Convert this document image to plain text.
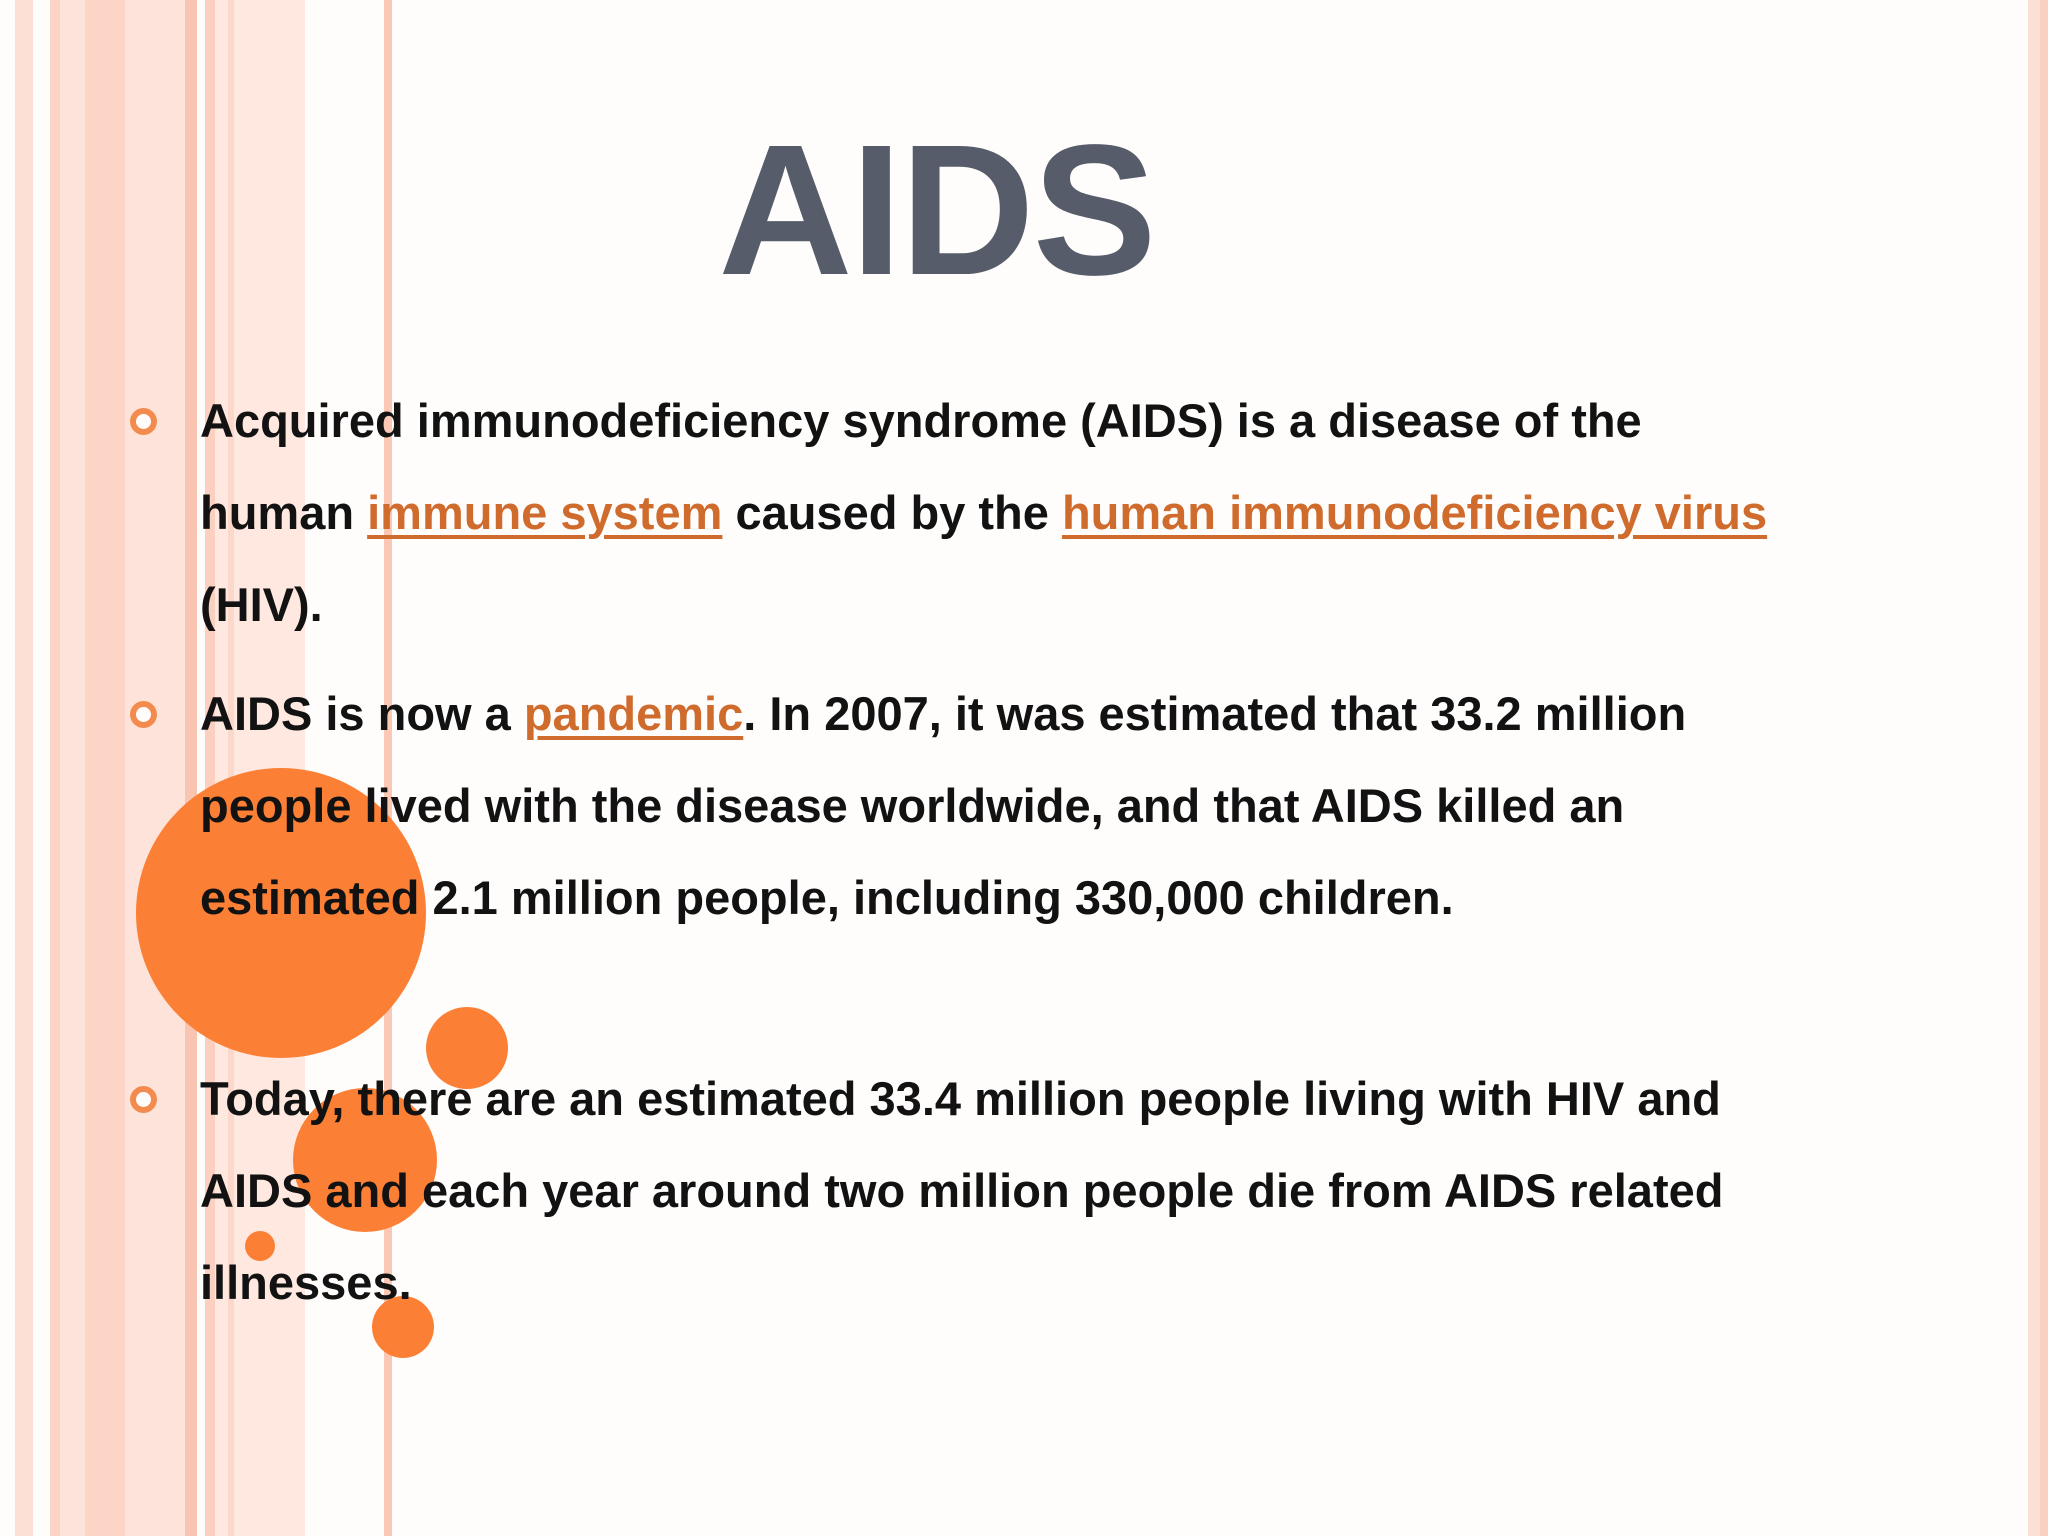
AIDS
Acquired immunodeficiency syndrome (AIDS) is a disease of the human immune system caused by the human immunodeficiency virus (HIV).
AIDS is now a pandemic. In 2007, it was estimated that 33.2 million people lived with the disease worldwide, and that AIDS killed an estimated 2.1 million people, including 330,000 children.
Today, there are an estimated 33.4 million people living with HIV and AIDS and each year around two million people die from AIDS related illnesses.
